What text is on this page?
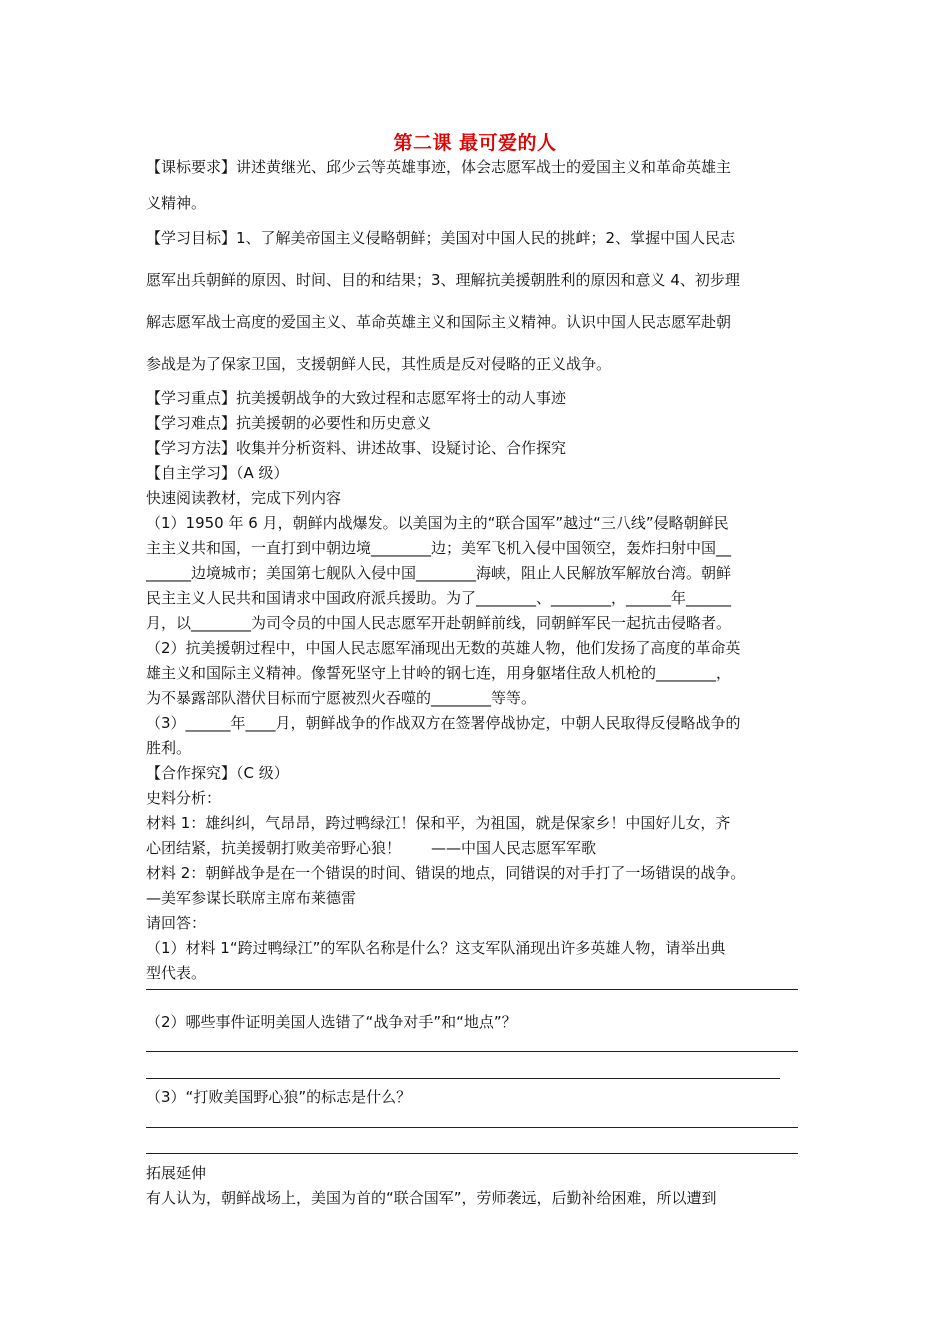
第二课 最可爱的人
【课标要求】讲述黄继光、邱少云等英雄事迹，体会志愿军战士的爱国主义和革命英雄主
义精神。
【学习目标】1、了解美帝国主义侵略朝鲜；美国对中国人民的挑衅；2、掌握中国人民志
愿军出兵朝鲜的原因、时间、目的和结果；3、理解抗美援朝胜利的原因和意义 4、初步理
解志愿军战士高度的爱国主义、革命英雄主义和国际主义精神。认识中国人民志愿军赴朝
参战是为了保家卫国，支援朝鲜人民，其性质是反对侵略的正义战争。
【学习重点】抗美援朝战争的大致过程和志愿军将士的动人事迹
【学习难点】抗美援朝的必要性和历史意义
【学习方法】收集并分析资料、讲述故事、设疑讨论、合作探究
【自主学习】（A 级）
快速阅读教材，完成下列内容
（1）1950 年 6 月，朝鲜内战爆发。以美国为主的“联合国军”越过“三八线”侵略朝鲜民
主主义共和国，一直打到中朝边境________边；美军飞机入侵中国领空，轰炸扫射中国__
______边境城市；美国第七舰队入侵中国________海峡，阻止人民解放军解放台湾。朝鲜
民主主义人民共和国请求中国政府派兵援助。为了________、________，______年______
月，以________为司令员的中国人民志愿军开赴朝鲜前线，同朝鲜军民一起抗击侵略者。
（2）抗美援朝过程中，中国人民志愿军涌现出无数的英雄人物，他们发扬了高度的革命英
雄主义和国际主义精神。像誓死坚守上甘岭的钢七连，用身躯堵住敌人机枪的________，
为不暴露部队潜伏目标而宁愿被烈火吞噬的________等等。
（3）______年____月，朝鲜战争的作战双方在签署停战协定，中朝人民取得反侵略战争的
胜利。
【合作探究】（C 级）
史料分析：
材料 1：雄纠纠，气昂昂，跨过鸭绿江！保和平，为祖国，就是保家乡！中国好儿女，齐
心团结紧，抗美援朝打败美帝野心狼！　　——中国人民志愿军军歌
材料 2：朝鲜战争是在一个错误的时间、错误的地点，同错误的对手打了一场错误的战争。
—美军参谋长联席主席布莱德雷
请回答：
（1）材料 1“跨过鸭绿江”的军队名称是什么？这支军队涌现出许多英雄人物，请举出典
型代表。
（2）哪些事件证明美国人选错了“战争对手”和“地点”？
（3）“打败美国野心狼”的标志是什么？
拓展延伸
有人认为，朝鲜战场上，美国为首的“联合国军”，劳师袭远，后勤补给困难，所以遭到
